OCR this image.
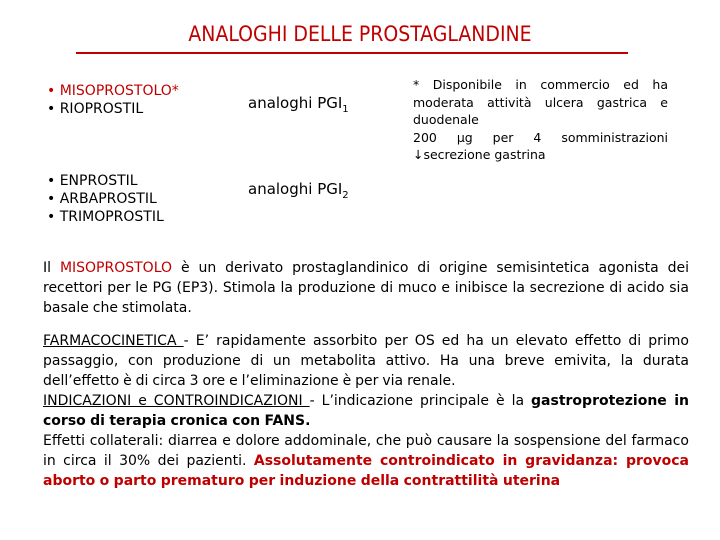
ANALOGHI DELLE PROSTAGLANDINE
• MISOPROSTOLO*
• RIOPROSTIL	analoghi $PGI_1$
• ENPROSTIL
• ARBAPROSTIL
• TRIMOPROSTIL
analoghi $PGI_2$
* Disponibile in commercio ed ha
moderata attività ulcera gastrica e
duodenale
200 µg per 4 somministrazioni
↓secrezione gastrina
Il MISOPROSTOLO è un derivato prostaglandinico di origine semisintetica agonista dei recettori per le PG (EP3). Stimola la produzione di muco e inibisce la secrezione di acido sia basale che stimolata.
FARMACOCINETICA - E’ rapidamente assorbito per OS ed ha un elevato effetto di primo passaggio, con produzione di un metabolita attivo. Ha una breve emivita, la durata dell’effetto è di circa 3 ore e l’eliminazione è per via renale.
INDICAZIONI e CONTROINDICAZIONI - L’indicazione principale è la gastroprotezione in corso di terapia cronica con FANS.
Effetti collaterali: diarrea e dolore addominale, che può causare la sospensione del farmaco in circa il 30% dei pazienti. Assolutamente controindicato in gravidanza: provoca aborto o parto prematuro per induzione della contrattilità uterina
